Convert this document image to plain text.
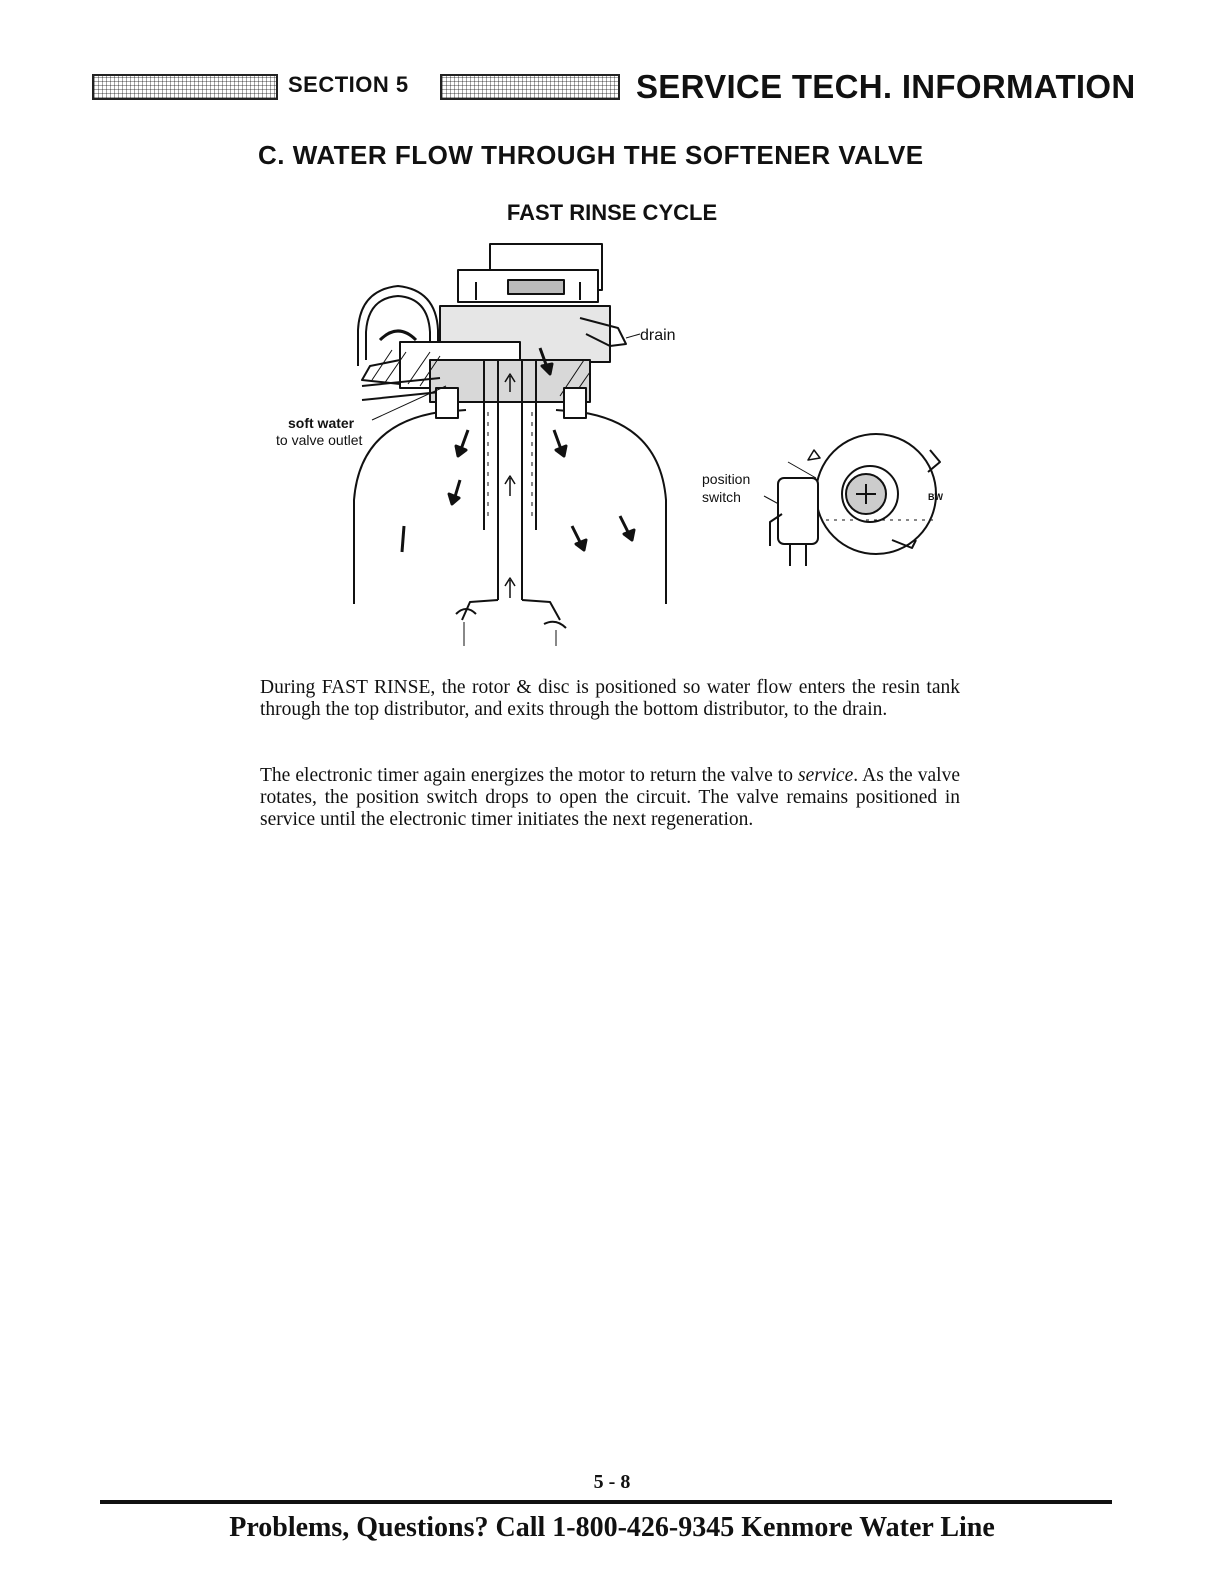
SECTION 5	SERVICE TECH. INFORMATION
C. WATER FLOW THROUGH THE SOFTENER VALVE
FAST RINSE CYCLE
BW
drain
soft water
to valve outlet
position
switch
During FAST RINSE, the rotor & disc is positioned so water flow enters the resin tank through the top distributor, and exits through the bottom distributor, to the drain.
The electronic timer again energizes the motor to return the valve to service. As the valve rotates, the position switch drops to open the circuit. The valve remains positioned in service until the electronic timer initiates the next regeneration.
5 - 8
Problems, Questions? Call 1-800-426-9345 Kenmore Water Line
